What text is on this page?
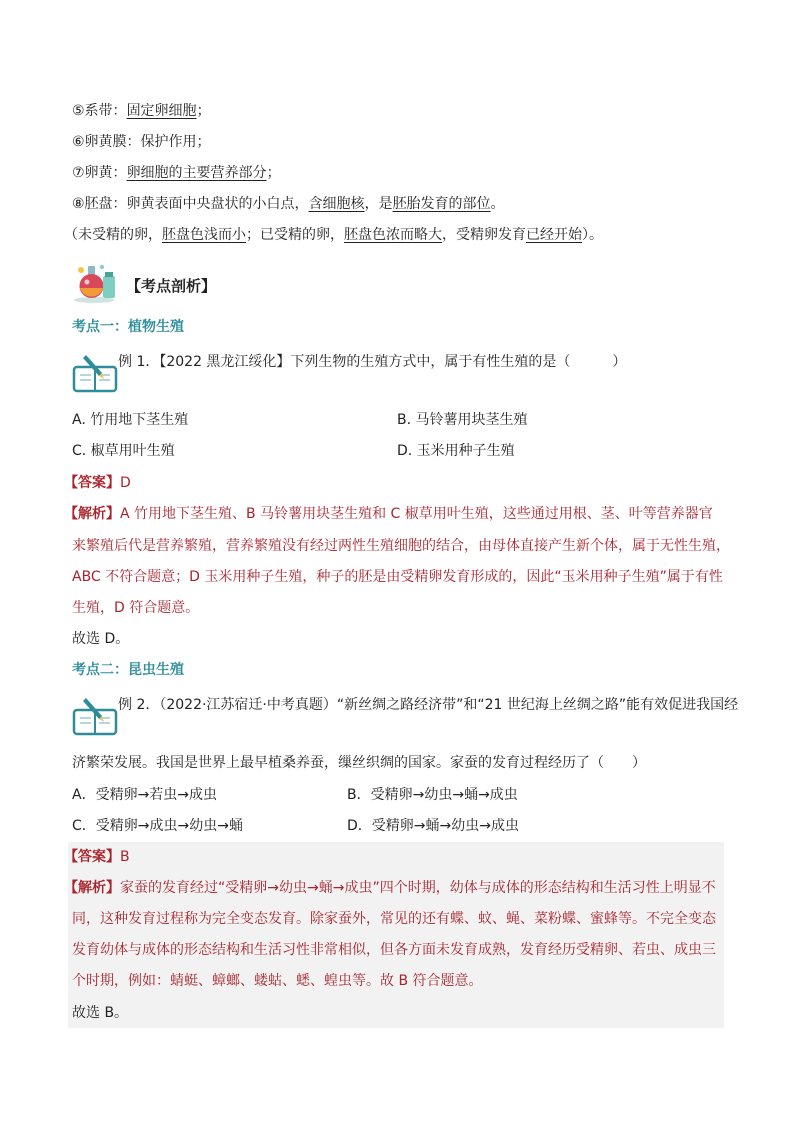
⑤系带：固定卵细胞；
⑥卵黄膜：保护作用；
⑦卵黄：卵细胞的主要营养部分；
⑧胚盘：卵黄表面中央盘状的小白点，含细胞核，是胚胎发育的部位。
（未受精的卵，胚盘色浅而小；已受精的卵，胚盘色浓而略大，受精卵发育已经开始）。
【考点剖析】
考点一：植物生殖
例 1．【2022 黑龙江绥化】下列生物的生殖方式中，属于有性生殖的是（　　　）
A. 竹用地下茎生殖	B. 马铃薯用块茎生殖
C. 椒草用叶生殖	D. 玉米用种子生殖
【答案】D
【解析】A 竹用地下茎生殖、B 马铃薯用块茎生殖和 C 椒草用叶生殖，这些通过用根、茎、叶等营养器官
来繁殖后代是营养繁殖，营养繁殖没有经过两性生殖细胞的结合，由母体直接产生新个体，属于无性生殖，
ABC 不符合题意；D 玉米用种子生殖，种子的胚是由受精卵发育形成的，因此“玉米用种子生殖”属于有性
生殖，D 符合题意。
故选 D。
考点二：昆虫生殖
例 2．（2022·江苏宿迁·中考真题）“新丝绸之路经济带”和“21 世纪海上丝绸之路”能有效促进我国经
济繁荣发展。我国是世界上最早植桑养蚕，缫丝织绸的国家。家蚕的发育过程经历了（　　）
A．受精卵→若虫→成虫	B．受精卵→幼虫→蛹→成虫
C．受精卵→成虫→幼虫→蛹	D．受精卵→蛹→幼虫→成虫
【答案】B
【解析】家蚕的发育经过“受精卵→幼虫→蛹→成虫”四个时期，幼体与成体的形态结构和生活习性上明显不
同，这种发育过程称为完全变态发育。除家蚕外，常见的还有蝶、蚊、蝇、菜粉蝶、蜜蜂等。不完全变态
发育幼体与成体的形态结构和生活习性非常相似，但各方面未发育成熟，发育经历受精卵、若虫、成虫三
个时期，例如：蜻蜓、蟑螂、蝼蛄、蟋、蝗虫等。故 B 符合题意。
故选 B。
